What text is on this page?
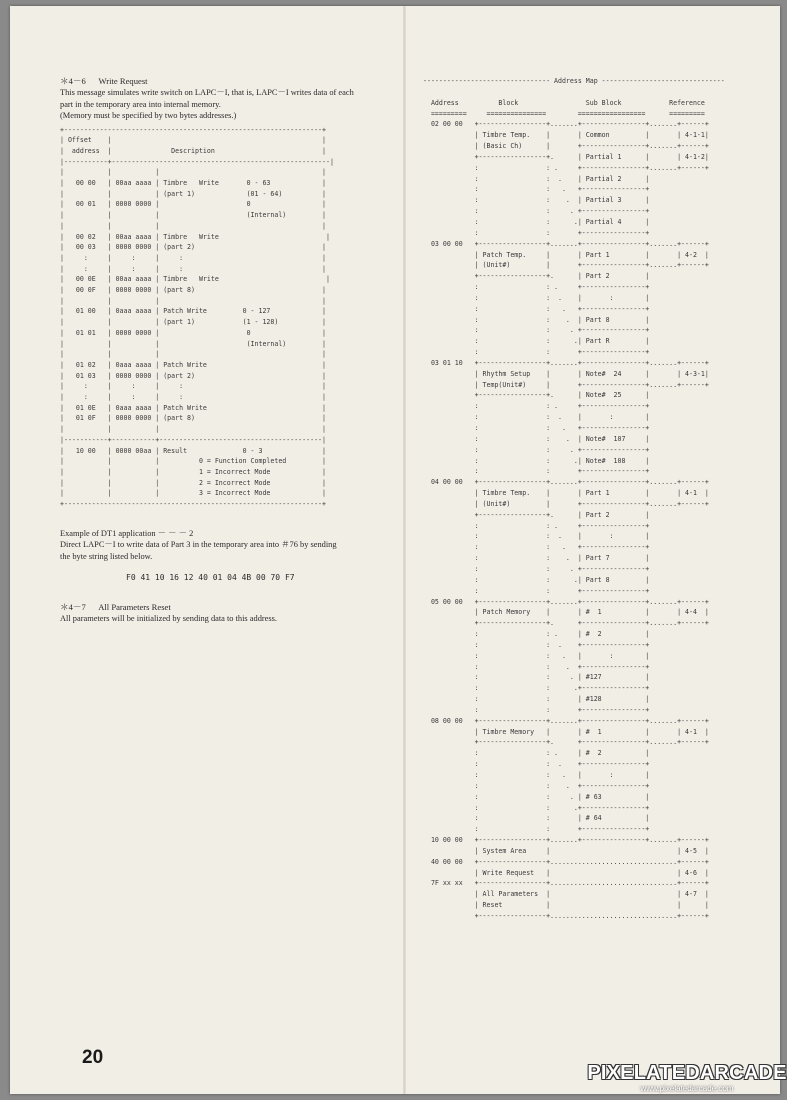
＊4－6      Write Request

This message simulates write switch on LAPC－I, that is, LAPC－I writes data of each

part in the temporary area into internal memory.

(Memory must be specified by two bytes addresses.)

+-----------------------------------------------------------------+
| Offset    |                                                     |
|  address  |               Description                           |
|-----------+-------------------------------------------------------|
|           |           |                                         |
|   00 00   | 00aa aaaa | Timbre   Write       0 - 63             |
|           |           | (part 1)             (01 - 64)          |
|   00 01   | 0000 0000 |                      0                  |
|           |           |                      (Internal)         |
|           |           |                                         |
|   00 02   | 00aa aaaa | Timbre   Write                           |
|   00 03   | 0000 0000 | (part 2)                                |
|     :     |     :     |     :                                   |
|     :     |     :     |     :                                   |
|   00 0E   | 00aa aaaa | Timbre   Write                           |
|   00 0F   | 0000 0000 | (part 8)                                |
|           |           |                                         |
|   01 00   | 0aaa aaaa | Patch Write         0 - 127             |
|           |           | (part 1)            (1 - 128)           |
|   01 01   | 0000 0000 |                      0                  |
|           |           |                      (Internal)         |
|           |           |                                         |
|   01 02   | 0aaa aaaa | Patch Write                             |
|   01 03   | 0000 0000 | (part 2)                                |
|     :     |     :     |     :                                   |
|     :     |     :     |     :                                   |
|   01 0E   | 0aaa aaaa | Patch Write                             |
|   01 0F   | 0000 0000 | (part 8)                                |
|           |           |                                         |
|-----------+-----------+-----------------------------------------|
|   10 00   | 0000 00aa | Result              0 - 3               |
|           |           |          0 = Function Completed         |
|           |           |          1 = Incorrect Mode             |
|           |           |          2 = Incorrect Mode             |
|           |           |          3 = Incorrect Mode             |
+-----------------------------------------------------------------+

Example of DT1 application － － － 2

Direct LAPC－I to write data of Part 3 in the temporary area into ＃76 by sending

the byte string listed below.

F0 41 10 16 12 40 01 04 4B 00 70 F7

＊4－7      All Parameters Reset

All parameters will be initialized by sending data to this address.

-------------------------------- Address Map -------------------------------

Address          Block                 Sub Block            Reference
=========     ===============        =================      =========
02 00 00   +-----------------+.......+----------------+.......+------+
| Timbre Temp.    |       | Common         |       | 4-1-1|
| (Basic Ch)      |       +----------------+.......+------+
+-----------------+.      | Partial 1      |       | 4-1-2|
:                 : .     +----------------+.......+------+
:                 :  .    | Partial 2      |
:                 :   .   +----------------+
:                 :    .  | Partial 3      |
:                 :     . +----------------+
:                 :      .| Partial 4      |
:                 :       +----------------+
03 00 00   +-----------------+.......+----------------+.......+------+
| Patch Temp.     |       | Part 1         |       | 4-2  |
| (Unit#)         |       +----------------+.......+------+
+-----------------+.      | Part 2         |
:                 : .     +----------------+
:                 :  .    |       :        |
:                 :   .   +----------------+
:                 :    .  | Part 8         |
:                 :     . +----------------+
:                 :      .| Part R         |
:                 :       +----------------+
03 01 10   +-----------------+.......+----------------+.......+------+
| Rhythm Setup    |       | Note#  24      |       | 4-3-1|
| Temp(Unit#)     |       +----------------+.......+------+
+-----------------+.      | Note#  25      |
:                 : .     +----------------+
:                 :  .    |       :        |
:                 :   .   +----------------+
:                 :    .  | Note#  107     |
:                 :     . +----------------+
:                 :      .| Note#  108     |
:                 :       +----------------+
04 00 00   +-----------------+.......+----------------+.......+------+
| Timbre Temp.    |       | Part 1         |       | 4-1  |
| (Unit#)         |       +----------------+.......+------+
+-----------------+.      | Part 2         |
:                 : .     +----------------+
:                 :  .    |       :        |
:                 :   .   +----------------+
:                 :    .  | Part 7         |
:                 :     . +----------------+
:                 :      .| Part 8         |
:                 :       +----------------+
05 00 00   +-----------------+.......+----------------+.......+------+
| Patch Memory    |       | #  1           |       | 4-4  |
+-----------------+.      +----------------+.......+------+
:                 : .     | #  2           |
:                 :  .    +----------------+
:                 :   .   |       :        |
:                 :    .  +----------------+
:                 :     . | #127           |
:                 :      .+----------------+
:                 :       | #128           |
:                 :       +----------------+
08 00 00   +-----------------+.......+----------------+.......+------+
| Timbre Memory   |       | #  1           |       | 4-1  |
+-----------------+.      +----------------+.......+------+
:                 : .     | #  2           |
:                 :  .    +----------------+
:                 :   .   |       :        |
:                 :    .  +----------------+
:                 :     . | # 63           |
:                 :      .+----------------+
:                 :       | # 64           |
:                 :       +----------------+
10 00 00   +-----------------+.......+----------------+.......+------+
| System Area     |                                | 4-5  |
40 00 00   +-----------------+................................+------+
| Write Request   |                                | 4-6  |
7F xx xx   +-----------------+................................+------+
| All Parameters  |                                | 4-7  |
| Reset           |                                |      |
+-----------------+................................+------+
20
PIXELATEDARCADE
www.pixelatedarcade.com
